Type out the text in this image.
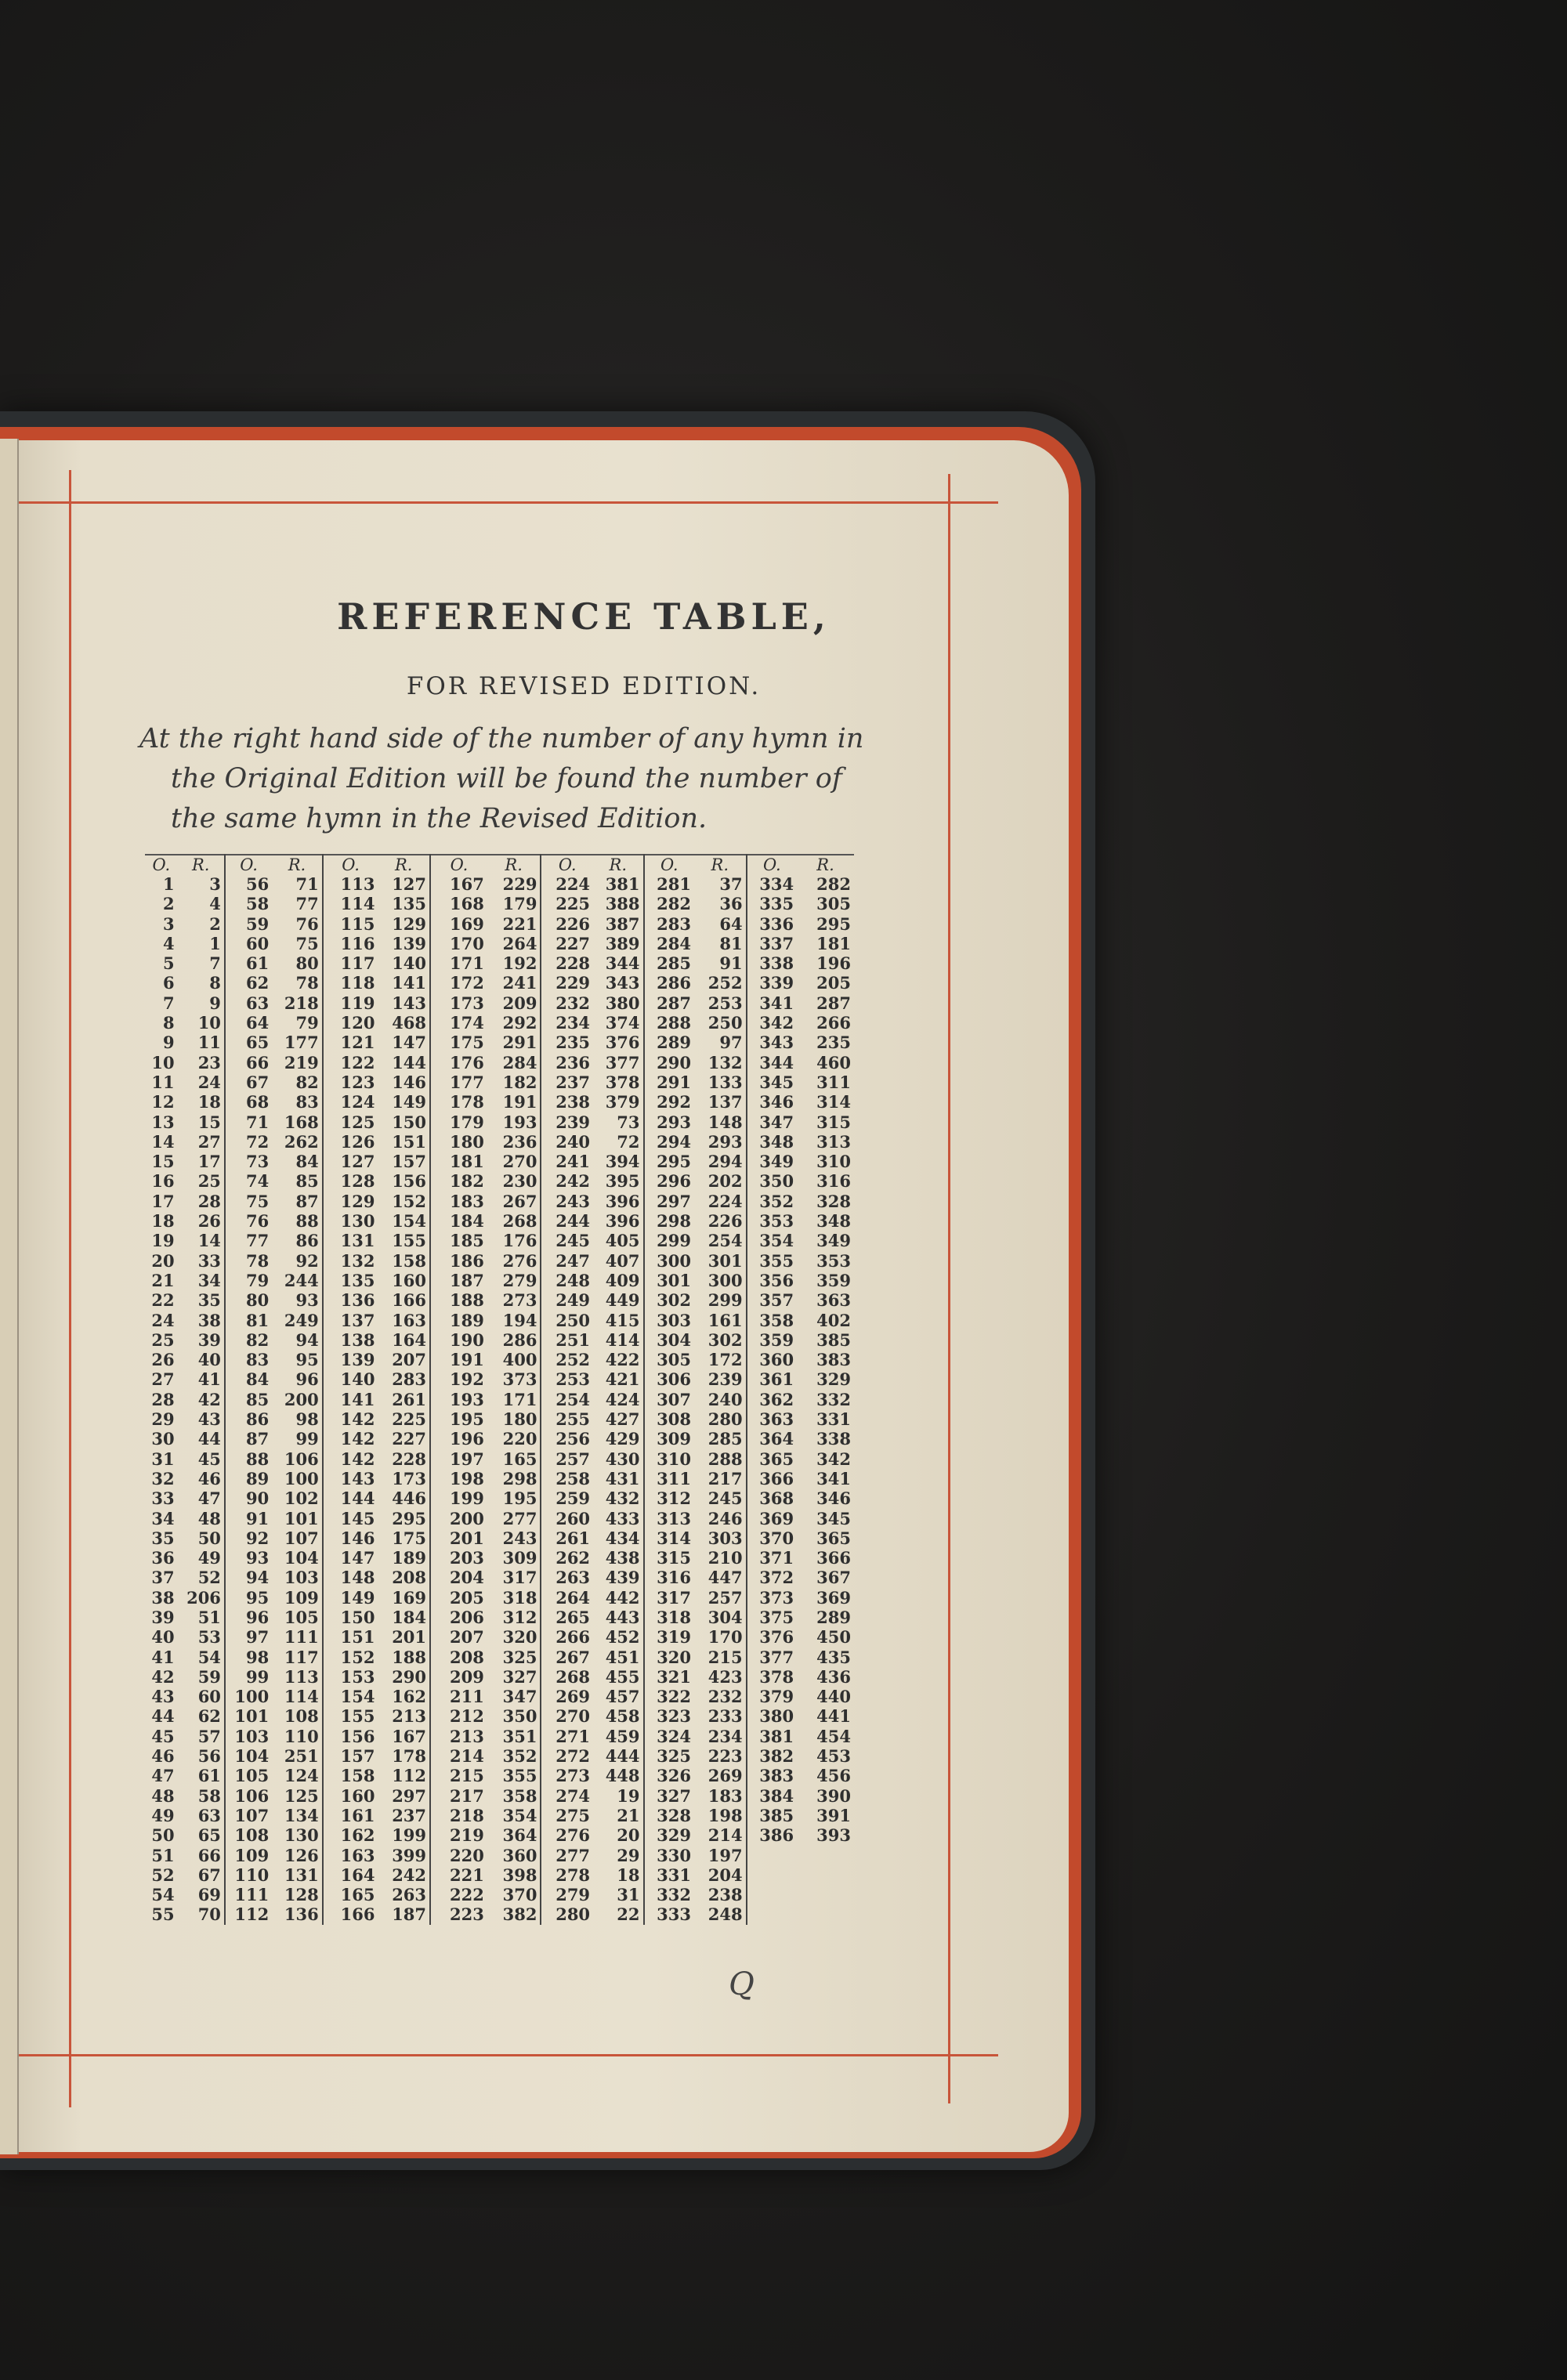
REFERENCE TABLE,
FOR REVISED EDITION.
At the right hand side of the number of any hymn in
the Original Edition will be found the number of
the same hymn in the Revised Edition.
O.	R.	O.	R.	O.	R.	O.	R.	O.	R.	O.	R.	O.	R.
1	3	56	71	113	127	167	229	224	381	281	37	334	282
2	4	58	77	114	135	168	179	225	388	282	36	335	305
3	2	59	76	115	129	169	221	226	387	283	64	336	295
4	1	60	75	116	139	170	264	227	389	284	81	337	181
5	7	61	80	117	140	171	192	228	344	285	91	338	196
6	8	62	78	118	141	172	241	229	343	286	252	339	205
7	9	63	218	119	143	173	209	232	380	287	253	341	287
8	10	64	79	120	468	174	292	234	374	288	250	342	266
9	11	65	177	121	147	175	291	235	376	289	97	343	235
10	23	66	219	122	144	176	284	236	377	290	132	344	460
11	24	67	82	123	146	177	182	237	378	291	133	345	311
12	18	68	83	124	149	178	191	238	379	292	137	346	314
13	15	71	168	125	150	179	193	239	73	293	148	347	315
14	27	72	262	126	151	180	236	240	72	294	293	348	313
15	17	73	84	127	157	181	270	241	394	295	294	349	310
16	25	74	85	128	156	182	230	242	395	296	202	350	316
17	28	75	87	129	152	183	267	243	396	297	224	352	328
18	26	76	88	130	154	184	268	244	396	298	226	353	348
19	14	77	86	131	155	185	176	245	405	299	254	354	349
20	33	78	92	132	158	186	276	247	407	300	301	355	353
21	34	79	244	135	160	187	279	248	409	301	300	356	359
22	35	80	93	136	166	188	273	249	449	302	299	357	363
24	38	81	249	137	163	189	194	250	415	303	161	358	402
25	39	82	94	138	164	190	286	251	414	304	302	359	385
26	40	83	95	139	207	191	400	252	422	305	172	360	383
27	41	84	96	140	283	192	373	253	421	306	239	361	329
28	42	85	200	141	261	193	171	254	424	307	240	362	332
29	43	86	98	142	225	195	180	255	427	308	280	363	331
30	44	87	99	142	227	196	220	256	429	309	285	364	338
31	45	88	106	142	228	197	165	257	430	310	288	365	342
32	46	89	100	143	173	198	298	258	431	311	217	366	341
33	47	90	102	144	446	199	195	259	432	312	245	368	346
34	48	91	101	145	295	200	277	260	433	313	246	369	345
35	50	92	107	146	175	201	243	261	434	314	303	370	365
36	49	93	104	147	189	203	309	262	438	315	210	371	366
37	52	94	103	148	208	204	317	263	439	316	447	372	367
38	206	95	109	149	169	205	318	264	442	317	257	373	369
39	51	96	105	150	184	206	312	265	443	318	304	375	289
40	53	97	111	151	201	207	320	266	452	319	170	376	450
41	54	98	117	152	188	208	325	267	451	320	215	377	435
42	59	99	113	153	290	209	327	268	455	321	423	378	436
43	60	100	114	154	162	211	347	269	457	322	232	379	440
44	62	101	108	155	213	212	350	270	458	323	233	380	441
45	57	103	110	156	167	213	351	271	459	324	234	381	454
46	56	104	251	157	178	214	352	272	444	325	223	382	453
47	61	105	124	158	112	215	355	273	448	326	269	383	456
48	58	106	125	160	297	217	358	274	19	327	183	384	390
49	63	107	134	161	237	218	354	275	21	328	198	385	391
50	65	108	130	162	199	219	364	276	20	329	214	386	393
51	66	109	126	163	399	220	360	277	29	330	197		
52	67	110	131	164	242	221	398	278	18	331	204		
54	69	111	128	165	263	222	370	279	31	332	238		
55	70	112	136	166	187	223	382	280	22	333	248		
Q
